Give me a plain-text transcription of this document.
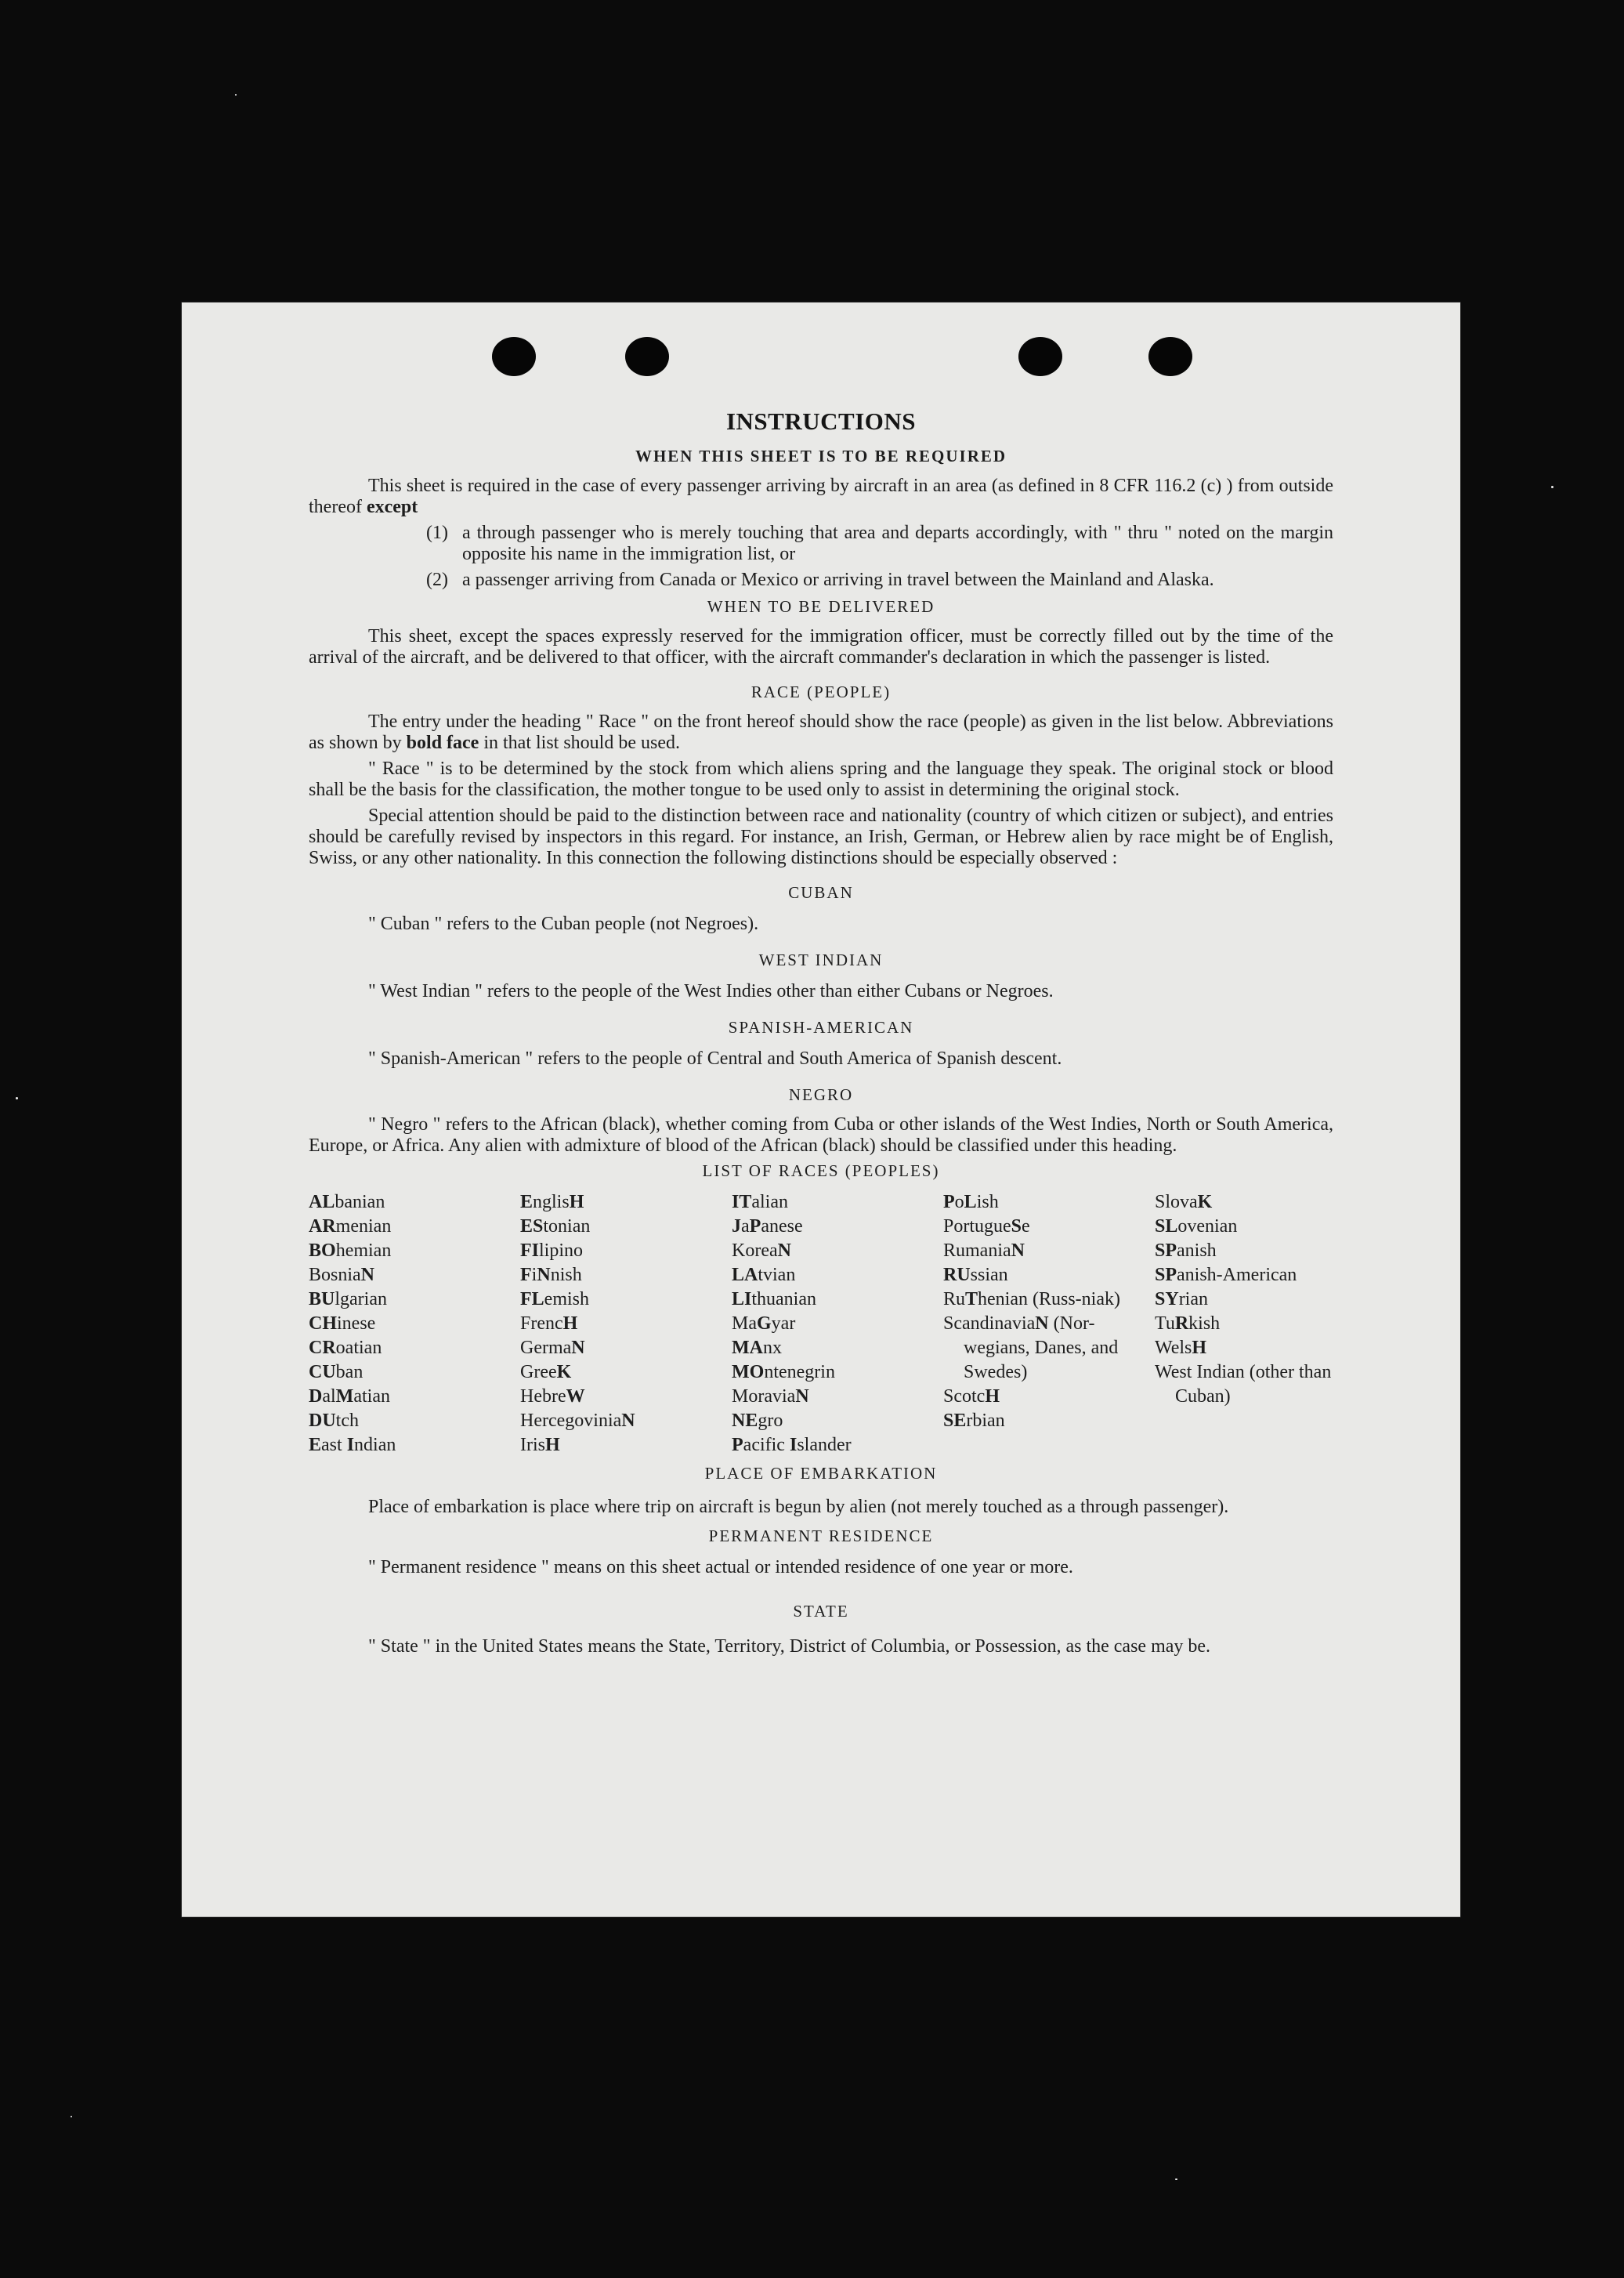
INSTRUCTIONS
WHEN THIS SHEET IS TO BE REQUIRED

This sheet is required in the case of every passenger arriving by aircraft in an area (as defined in 8 CFR 116.2 (c) ) from outside thereof except

(1) a through passenger who is merely touching that area and departs accordingly, with " thru " noted on the margin opposite his name in the immigration list, or
(2) a passenger arriving from Canada or Mexico or arriving in travel between the Mainland and Alaska.
WHEN TO BE DELIVERED

This sheet, except the spaces expressly reserved for the immigration officer, must be correctly filled out by the time of the arrival of the aircraft, and be delivered to that officer, with the aircraft commander's declaration in which the passenger is listed.

RACE (PEOPLE)

The entry under the heading " Race " on the front hereof should show the race (people) as given in the list below. Abbreviations as shown by bold face in that list should be used.

" Race " is to be determined by the stock from which aliens spring and the language they speak. The original stock or blood shall be the basis for the classification, the mother tongue to be used only to assist in determining the original stock.

Special attention should be paid to the distinction between race and nationality (country of which citizen or subject), and entries should be carefully revised by inspectors in this regard. For instance, an Irish, German, or Hebrew alien by race might be of English, Swiss, or any other nationality. In this connection the following distinctions should be especially observed :

CUBAN

" Cuban " refers to the Cuban people (not Negroes).

WEST INDIAN

" West Indian " refers to the people of the West Indies other than either Cubans or Negroes.

SPANISH-AMERICAN

" Spanish-American " refers to the people of Central and South America of Spanish descent.

NEGRO

" Negro " refers to the African (black), whether coming from Cuba or other islands of the West Indies, North or South America, Europe, or Africa. Any alien with admixture of blood of the African (black) should be classified under this heading.

LIST OF RACES (PEOPLES)
ALbanian
ARmenian
BOhemian
BosniaN
BUlgarian
CHinese
CRoatian
CUban
DalMatian
DUtch
East Indian
EnglisH
EStonian
FIlipino
FiNnish
FLemish
FrencH
GermaN
GreeK
HebreW
HercegoviniaN
IrisH
ITalian
JaPanese
KoreaN
LAtvian
LIthuanian
MaGyar
MAnx
MOntenegrin
MoraviaN
NEgro
Pacific Islander
PoLish
PortugueSe
RumaniaN
RUssian
RuThenian (Russ-niak)
ScandinaviaN (Nor-wegians, Danes, and Swedes)
ScotcH
SErbian
SlovaK
SLovenian
SPanish
SPanish-American
SYrian
TuRkish
WelsH
West Indian (other than Cuban)
PLACE OF EMBARKATION

Place of embarkation is place where trip on aircraft is begun by alien (not merely touched as a through passenger).

PERMANENT RESIDENCE

" Permanent residence " means on this sheet actual or intended residence of one year or more.

STATE

" State " in the United States means the State, Territory, District of Columbia, or Possession, as the case may be.
